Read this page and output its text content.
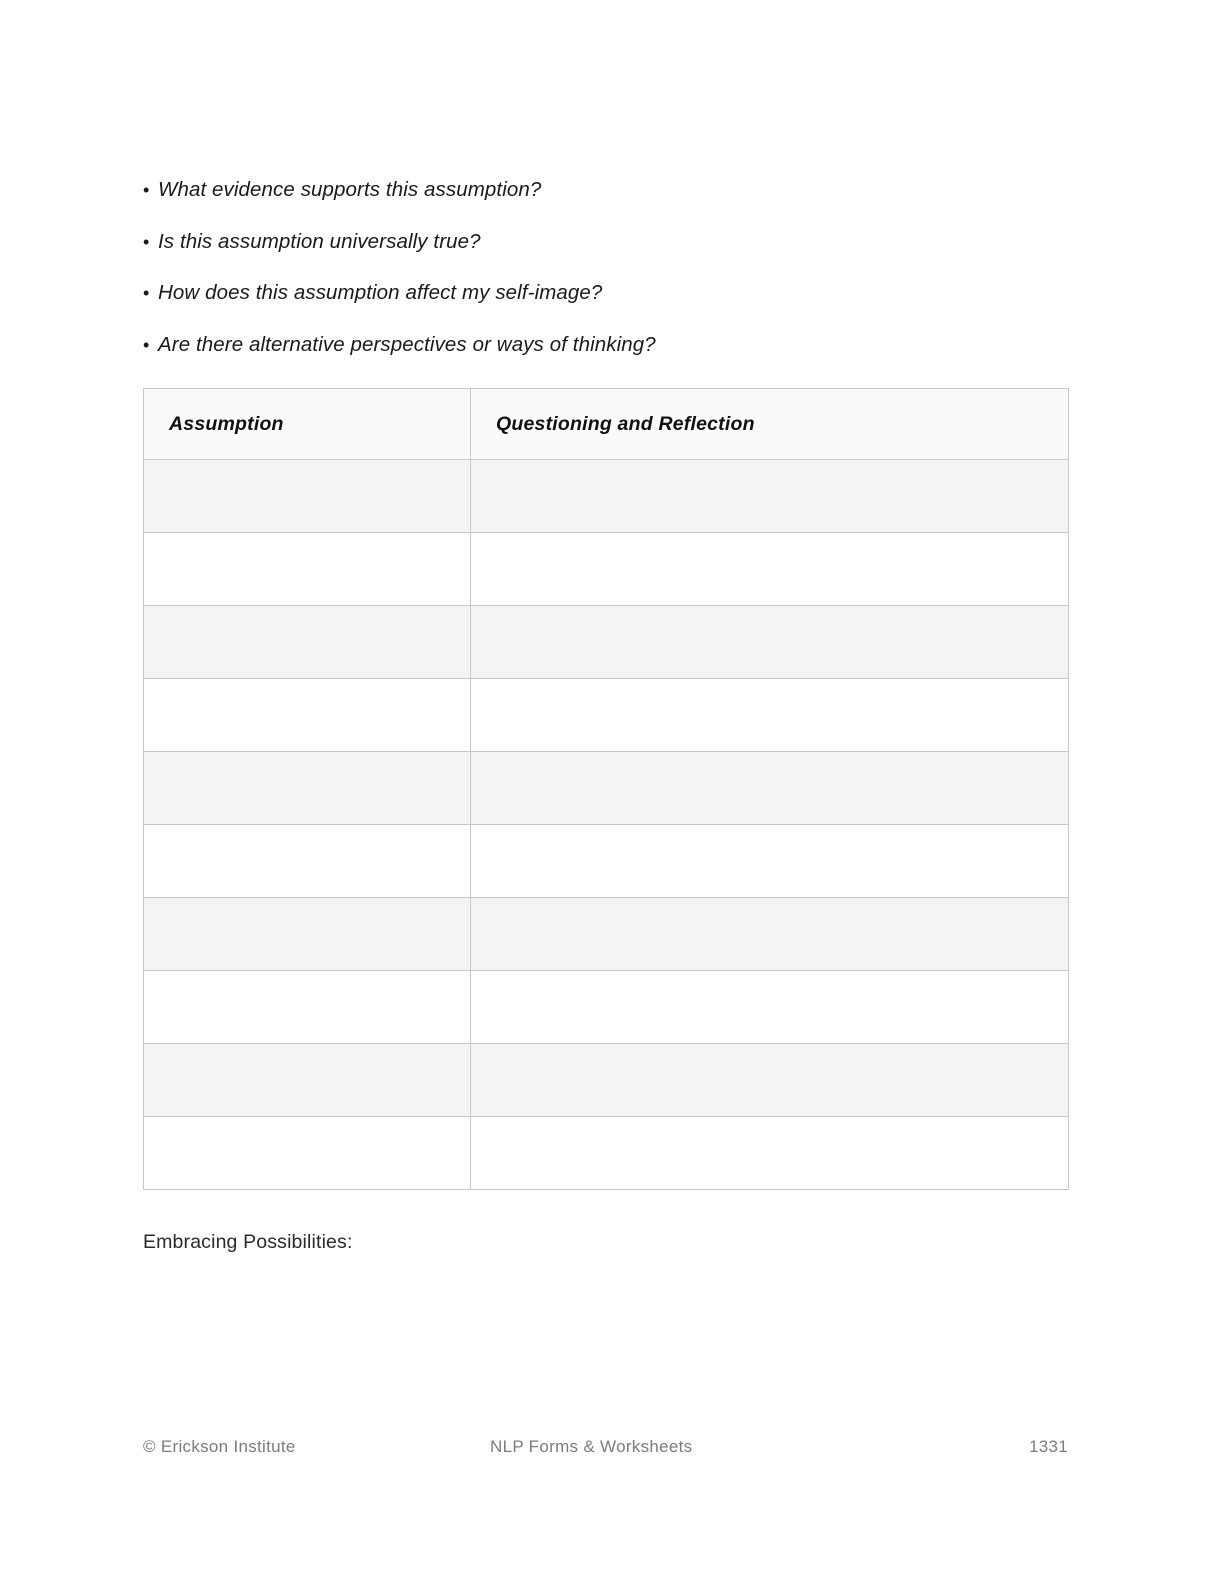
• What evidence supports this assumption?
• Is this assumption universally true?
• How does this assumption affect my self-image?
• Are there alternative perspectives or ways of thinking?
Assumption	Questioning and Reflection

Embracing Possibilities:
© Erickson Institute	NLP Forms & Worksheets	1331
